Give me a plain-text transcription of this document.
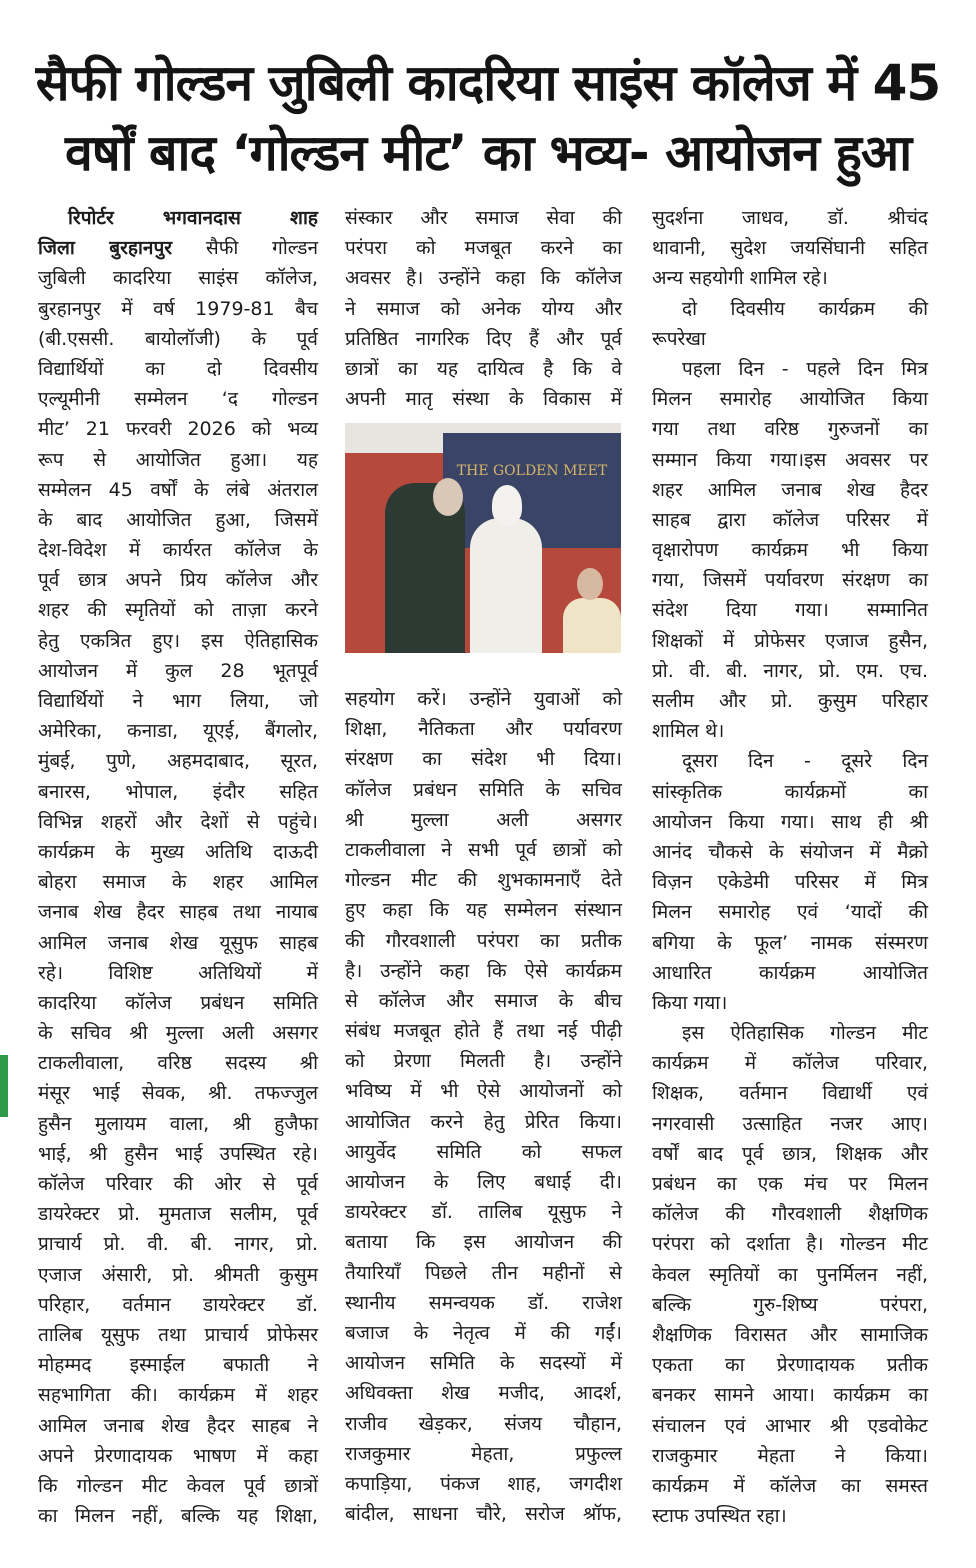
सैफी गोल्डन जुबिली कादरिया साइंस कॉलेज में 45
वर्षों बाद ‘गोल्डन मीट’ का भव्य- आयोजन हुआ
रिपोर्टर भगवानदास शाह
जिला बुरहानपुर सैफी गोल्डन
जुबिली कादरिया साइंस कॉलेज,
बुरहानपुर में वर्ष 1979-81 बैच
(बी.एससी. बायोलॉजी) के पूर्व
विद्यार्थियों का दो दिवसीय
एल्यूमीनी सम्मेलन ‘द गोल्डन
मीट’ 21 फरवरी 2026 को भव्य
रूप से आयोजित हुआ। यह
सम्मेलन 45 वर्षों के लंबे अंतराल
के बाद आयोजित हुआ, जिसमें
देश-विदेश में कार्यरत कॉलेज के
पूर्व छात्र अपने प्रिय कॉलेज और
शहर की स्मृतियों को ताज़ा करने
हेतु एकत्रित हुए। इस ऐतिहासिक
आयोजन में कुल 28 भूतपूर्व
विद्यार्थियों ने भाग लिया, जो
अमेरिका, कनाडा, यूएई, बैंगलोर,
मुंबई, पुणे, अहमदाबाद, सूरत,
बनारस, भोपाल, इंदौर सहित
विभिन्न शहरों और देशों से पहुंचे।
कार्यक्रम के मुख्य अतिथि दाऊदी
बोहरा समाज के शहर आमिल
जनाब शेख हैदर साहब तथा नायाब
आमिल जनाब शेख यूसुफ साहब
रहे। विशिष्ट अतिथियों में
कादरिया कॉलेज प्रबंधन समिति
के सचिव श्री मुल्ला अली असगर
टाकलीवाला, वरिष्ठ सदस्य श्री
मंसूर भाई सेवक, श्री. तफज्जुल
हुसैन मुलायम वाला, श्री हुजैफा
भाई, श्री हुसैन भाई उपस्थित रहे।
कॉलेज परिवार की ओर से पूर्व
डायरेक्टर प्रो. मुमताज सलीम, पूर्व
प्राचार्य प्रो. वी. बी. नागर, प्रो.
एजाज अंसारी, प्रो. श्रीमती कुसुम
परिहार, वर्तमान डायरेक्टर डॉ.
तालिब यूसुफ तथा प्राचार्य प्रोफेसर
मोहम्मद इस्माईल बफाती ने
सहभागिता की। कार्यक्रम में शहर
आमिल जनाब शेख हैदर साहब ने
अपने प्रेरणादायक भाषण में कहा
कि गोल्डन मीट केवल पूर्व छात्रों
का मिलन नहीं, बल्कि यह शिक्षा,
संस्कार और समाज सेवा की
परंपरा को मजबूत करने का
अवसर है। उन्होंने कहा कि कॉलेज
ने समाज को अनेक योग्य और
प्रतिष्ठित नागरिक दिए हैं और पूर्व
छात्रों का यह दायित्व है कि वे
अपनी मातृ संस्था के विकास में
THE GOLDEN MEET
सहयोग करें। उन्होंने युवाओं को
शिक्षा, नैतिकता और पर्यावरण
संरक्षण का संदेश भी दिया।
कॉलेज प्रबंधन समिति के सचिव
श्री मुल्ला अली असगर
टाकलीवाला ने सभी पूर्व छात्रों को
गोल्डन मीट की शुभकामनाएँ देते
हुए कहा कि यह सम्मेलन संस्थान
की गौरवशाली परंपरा का प्रतीक
है। उन्होंने कहा कि ऐसे कार्यक्रम
से कॉलेज और समाज के बीच
संबंध मजबूत होते हैं तथा नई पीढ़ी
को प्रेरणा मिलती है। उन्होंने
भविष्य में भी ऐसे आयोजनों को
आयोजित करने हेतु प्रेरित किया।
आयुर्वेद समिति को सफल
आयोजन के लिए बधाई दी।
डायरेक्टर डॉ. तालिब यूसुफ ने
बताया कि इस आयोजन की
तैयारियाँ पिछले तीन महीनों से
स्थानीय समन्वयक डॉ. राजेश
बजाज के नेतृत्व में की गईं।
आयोजन समिति के सदस्यों में
अधिवक्ता शेख मजीद, आदर्श,
राजीव खेड़कर, संजय चौहान,
राजकुमार मेहता, प्रफुल्ल
कपाड़िया, पंकज शाह, जगदीश
बांदील, साधना चौरे, सरोज श्रॉफ,
सुदर्शना जाधव, डॉ. श्रीचंद
थावानी, सुदेश जयसिंघानी सहित
अन्य सहयोगी शामिल रहे।
दो दिवसीय कार्यक्रम की
रूपरेखा
पहला दिन - पहले दिन मित्र
मिलन समारोह आयोजित किया
गया तथा वरिष्ठ गुरुजनों का
सम्मान किया गया।इस अवसर पर
शहर आमिल जनाब शेख हैदर
साहब द्वारा कॉलेज परिसर में
वृक्षारोपण कार्यक्रम भी किया
गया, जिसमें पर्यावरण संरक्षण का
संदेश दिया गया। सम्मानित
शिक्षकों में प्रोफेसर एजाज हुसैन,
प्रो. वी. बी. नागर, प्रो. एम. एच.
सलीम और प्रो. कुसुम परिहार
शामिल थे।
दूसरा दिन - दूसरे दिन
सांस्कृतिक कार्यक्रमों का
आयोजन किया गया। साथ ही श्री
आनंद चौकसे के संयोजन में मैक्रो
विज़न एकेडेमी परिसर में मित्र
मिलन समारोह एवं ‘यादों की
बगिया के फूल’ नामक संस्मरण
आधारित कार्यक्रम आयोजित
किया गया।
इस ऐतिहासिक गोल्डन मीट
कार्यक्रम में कॉलेज परिवार,
शिक्षक, वर्तमान विद्यार्थी एवं
नगरवासी उत्साहित नजर आए।
वर्षों बाद पूर्व छात्र, शिक्षक और
प्रबंधन का एक मंच पर मिलन
कॉलेज की गौरवशाली शैक्षणिक
परंपरा को दर्शाता है। गोल्डन मीट
केवल स्मृतियों का पुनर्मिलन नहीं,
बल्कि गुरु-शिष्य परंपरा,
शैक्षणिक विरासत और सामाजिक
एकता का प्रेरणादायक प्रतीक
बनकर सामने आया। कार्यक्रम का
संचालन एवं आभार श्री एडवोकेट
राजकुमार मेहता ने किया।
कार्यक्रम में कॉलेज का समस्त
स्टाफ उपस्थित रहा।
